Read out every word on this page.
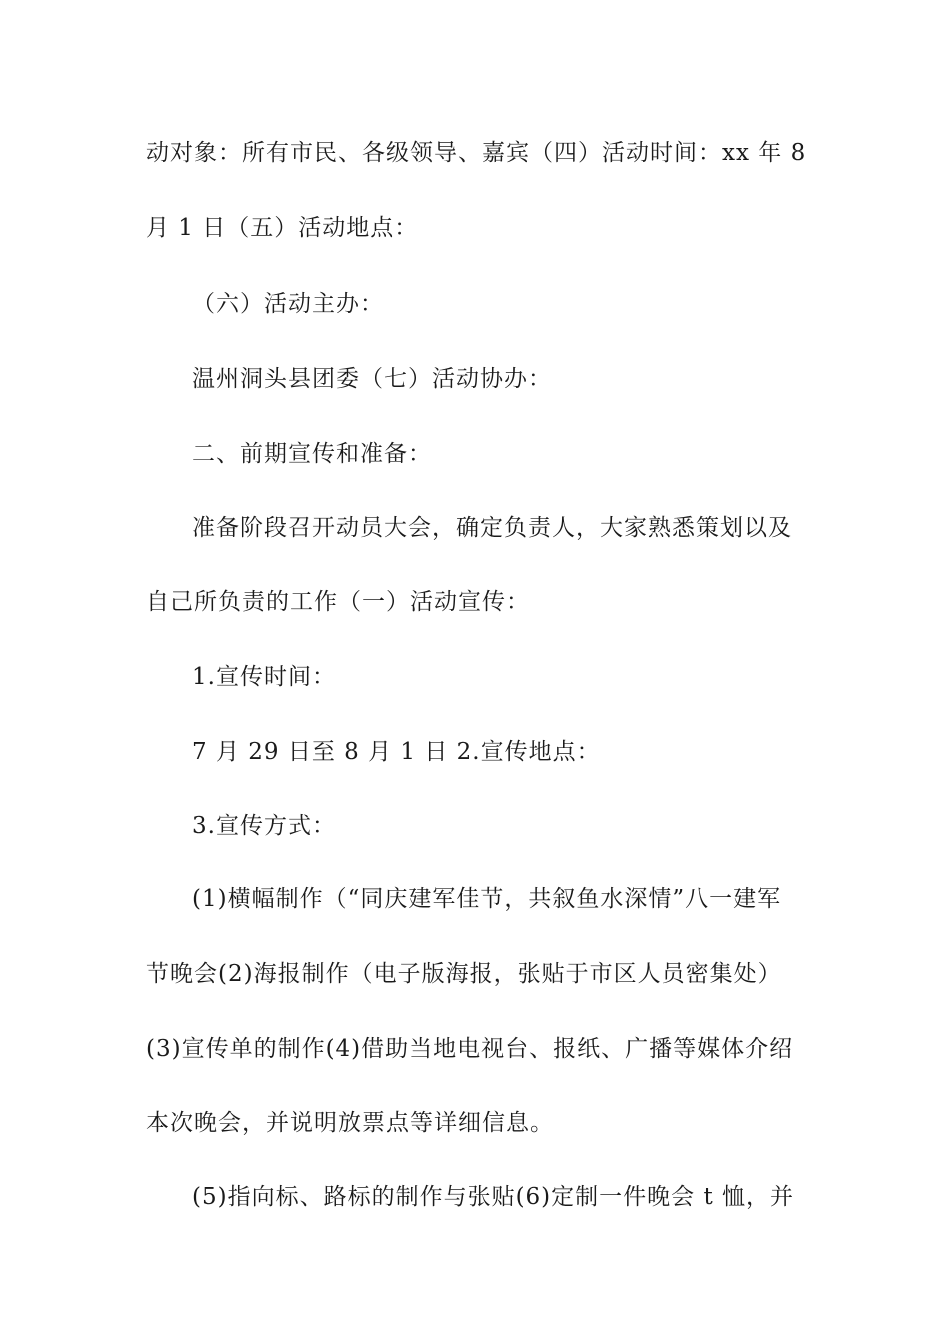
动对象：所有市民、各级领导、嘉宾（四）活动时间：xx 年 8
月 1 日（五）活动地点：
（六）活动主办：
温州洞头县团委（七）活动协办：
二、前期宣传和准备：
准备阶段召开动员大会，确定负责人，大家熟悉策划以及
自己所负责的工作（一）活动宣传：
1.宣传时间：
7 月 29 日至 8 月 1 日 2.宣传地点：
3.宣传方式：
(1)横幅制作（“同庆建军佳节，共叙鱼水深情”八一建军
节晚会(2)海报制作（电子版海报，张贴于市区人员密集处）
(3)宣传单的制作(4)借助当地电视台、报纸、广播等媒体介绍
本次晚会，并说明放票点等详细信息。
(5)指向标、路标的制作与张贴(6)定制一件晚会 t 恤，并
